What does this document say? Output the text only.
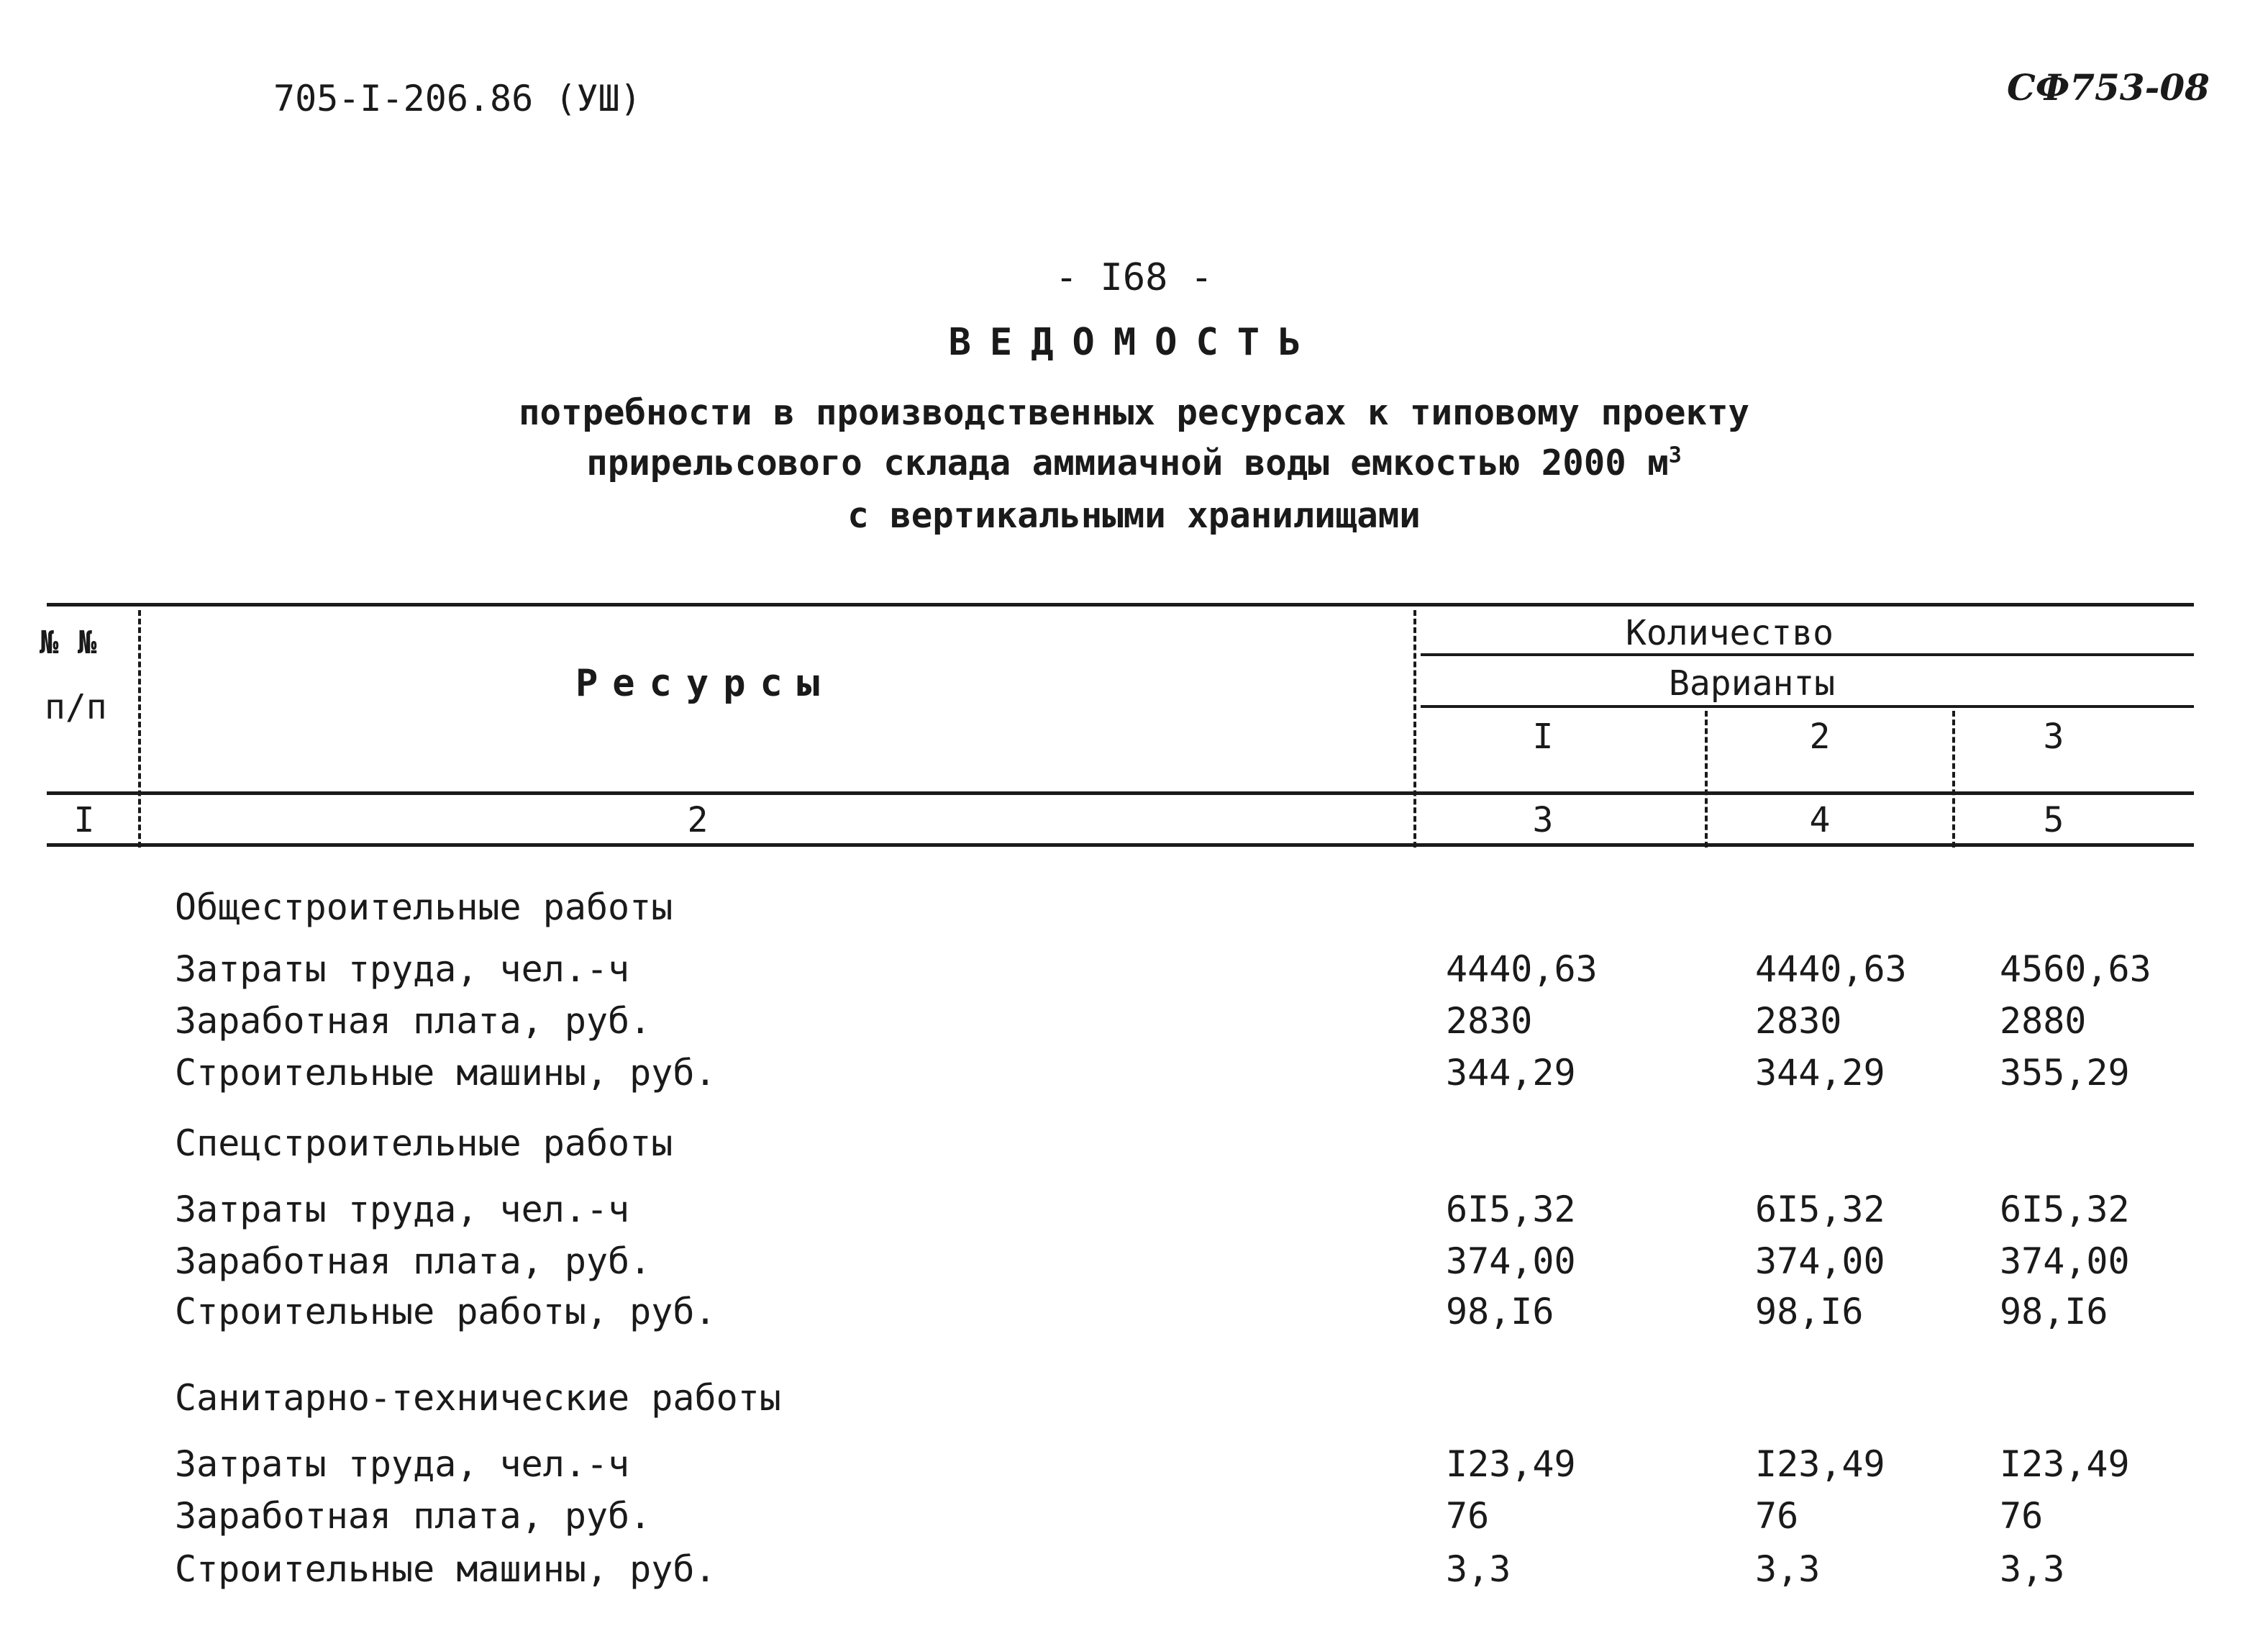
705-I-206.86 (УШ)	СФ753-08
- I68 -
ВЕДОМОСТЬ
потребности в производственных ресурсах к типовому проекту
прирельсового склада аммиачной воды емкостью 2000 $м^3$
с вертикальными хранилищами
№ №
п/п
Ресурсы
Количество
Варианты
I	2	3
I	2	3	4	5
Общестроительные работы
Затраты труда, чел.-ч	4440,63	4440,63	4560,63
Заработная плата, руб.	2830	2830	2880
Строительные машины, руб.	344,29	344,29	355,29
Спецстроительные работы
Затраты труда, чел.-ч	6I5,32	6I5,32	6I5,32
Заработная плата, руб.	374,00	374,00	374,00
Строительные работы, руб.	98,I6	98,I6	98,I6
Санитарно-технические работы
Затраты труда, чел.-ч	I23,49	I23,49	I23,49
Заработная плата, руб.	76	76	76
Строительные машины, руб.	3,3	3,3	3,3
